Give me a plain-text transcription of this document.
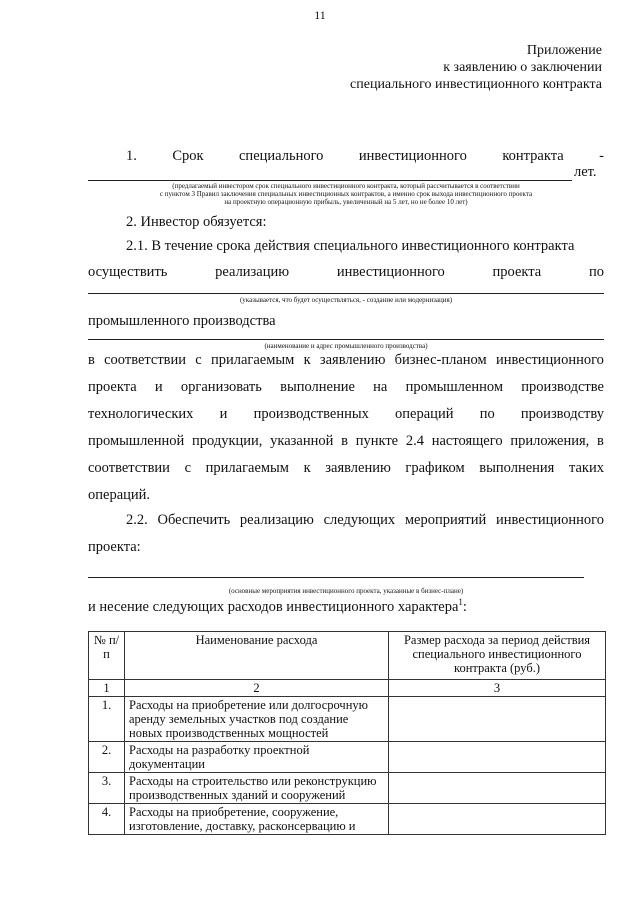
11
Приложение
к заявлению о заключении
специального инвестиционного контракта
1. Срок специального инвестиционного контракта -
лет.
(предлагаемый инвестором срок специального инвестиционного контракта, который рассчитывается в соответствии
с пунктом 3 Правил заключения специальных инвестиционных контрактов, а именно срок выхода инвестиционного проекта
на проектную операционную прибыль, увеличенный на 5 лет, но не более 10 лет)
2. Инвестор обязуется:
2.1. В течение срока действия специального инвестиционного контракта
осуществить	реализацию	инвестиционного	проекта	по
(указывается, что будет осуществляться, - создание или модернизация)
промышленного производства
(наименование и адрес промышленного производства)
в соответствии с прилагаемым к заявлению бизнес-планом инвестиционного
проекта и организовать выполнение на промышленном производстве
технологических и производственных операций по производству
промышленной продукции, указанной в пункте 2.4 настоящего приложения, в
соответствии с прилагаемым к заявлению графиком выполнения таких
операций.
2.2. Обеспечить реализацию следующих мероприятий инвестиционного
проекта:
(основные мероприятия инвестиционного проекта, указанные в бизнес-плане)
и несение следующих расходов инвестиционного характера$^1$:
№ п/п	Наименование расхода	Размер расхода за период действия специального инвестиционного контракта (руб.)
1	2	3
1.	Расходы на приобретение или долгосрочную аренду земельных участков под создание новых производственных мощностей	
2.	Расходы на разработку проектной документации	
3.	Расходы на строительство или реконструкцию производственных зданий и сооружений	
4.	Расходы на приобретение, сооружение, изготовление, доставку, расконсервацию и	
